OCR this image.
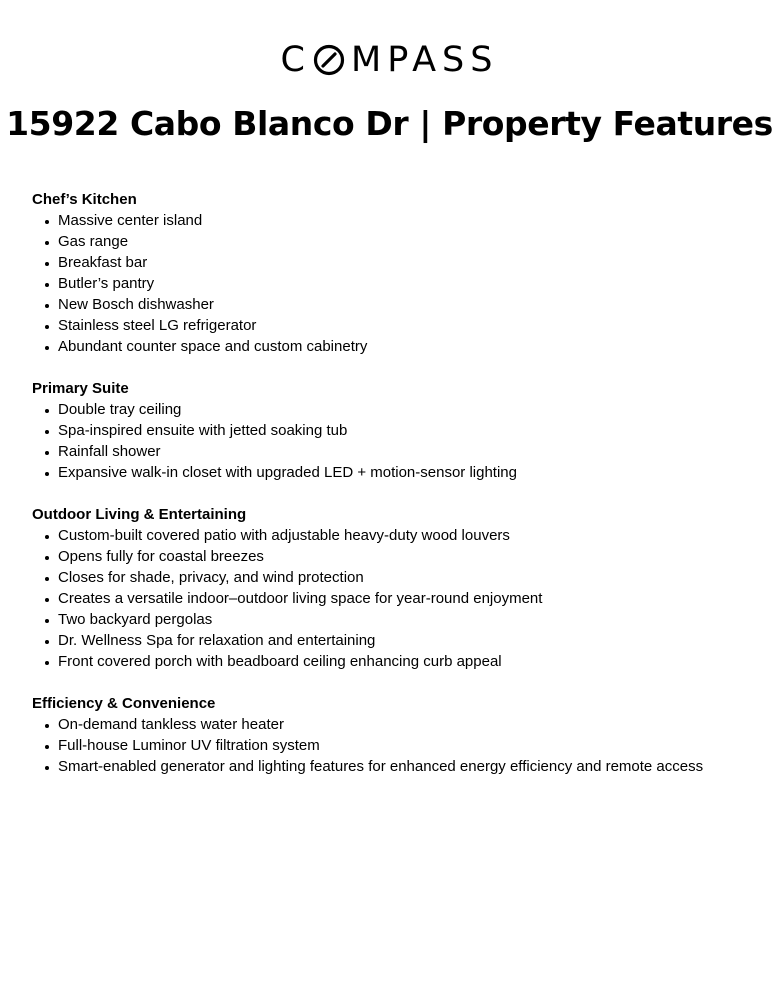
C MPASS
15922 Cabo Blanco Dr | Property Features
Chef’s Kitchen
Massive center island
Gas range
Breakfast bar
Butler’s pantry
New Bosch dishwasher
Stainless steel LG refrigerator
Abundant counter space and custom cabinetry
Primary Suite
Double tray ceiling
Spa-inspired ensuite with jetted soaking tub
Rainfall shower
Expansive walk-in closet with upgraded LED + motion-sensor lighting
Outdoor Living & Entertaining
Custom-built covered patio with adjustable heavy-duty wood louvers
Opens fully for coastal breezes
Closes for shade, privacy, and wind protection
Creates a versatile indoor–outdoor living space for year-round enjoyment
Two backyard pergolas
Dr. Wellness Spa for relaxation and entertaining
Front covered porch with beadboard ceiling enhancing curb appeal
Efficiency & Convenience
On-demand tankless water heater
Full-house Luminor UV filtration system
Smart-enabled generator and lighting features for enhanced energy efficiency and remote access
